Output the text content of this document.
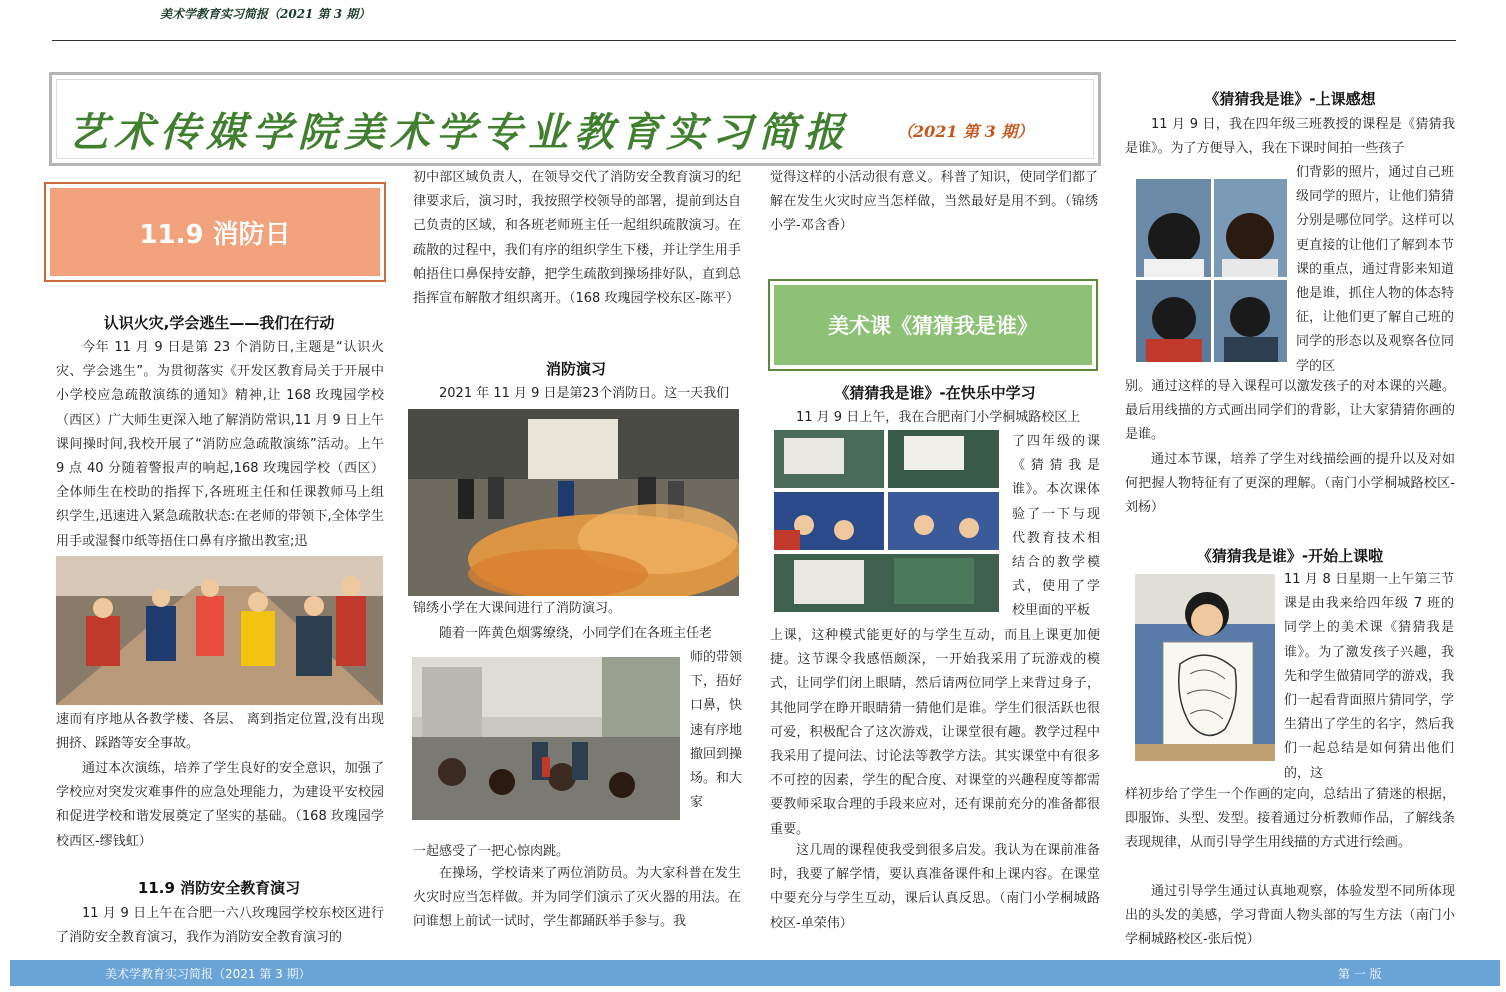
美术学教育实习简报（2021 第 3 期）
艺术传媒学院美术学专业教育实习简报	（2021 第 3 期）
11.9 消防日
认识火灾,学会逃生——我们在行动
今年 11 月 9 日是第 23 个消防日,主题是“认识火灾、学会逃生”。为贯彻落实《开发区教育局关于开展中小学校应急疏散演练的通知》精神,让 168 玫瑰园学校（西区）广大师生更深入地了解消防常识,11 月 9 日上午课间操时间,我校开展了“消防应急疏散演练”活动。上午 9 点 40 分随着警报声的响起,168 玫瑰园学校（西区）全体师生在校助的指挥下,各班班主任和任课教师马上组织学生,迅速进入紧急疏散状态:在老师的带领下,全体学生用手或湿餐巾纸等捂住口鼻有序撤出教室;迅
速而有序地从各教学楼、各层、 离到指定位置,没有出现拥挤、踩踏等安全事故。
通过本次演练，培养了学生良好的安全意识，加强了学校应对突发灾难事件的应急处理能力，为建设平安校园和促进学校和谐发展奠定了坚实的基础。（168 玫瑰园学校西区-缪钱虹）
11.9 消防安全教育演习
11 月 9 日上午在合肥一六八玫瑰园学校东校区进行了消防安全教育演习，我作为消防安全教育演习的
初中部区域负责人，在领导交代了消防安全教育演习的纪律要求后，演习时，我按照学校领导的部署，提前到达自己负责的区域，和各班老师班主任一起组织疏散演习。在疏散的过程中，我们有序的组织学生下楼，并让学生用手帕捂住口鼻保持安静，把学生疏散到操场排好队，直到总指挥宣布解散才组织离开。（168 玫瑰园学校东区-陈平）
消防演习
2021 年 11 月 9 日是第23个消防日。这一天我们
锦绣小学在大课间进行了消防演习。
随着一阵黄色烟雾缭绕，小同学们在各班主任老
师的带领下，捂好口鼻，快速有序地撤回到操场。和大家
一起感受了一把心惊肉跳。
在操场，学校请来了两位消防员。为大家科普在发生火灾时应当怎样做。并为同学们演示了灭火器的用法。在问谁想上前试一试时，学生都踊跃举手参与。我
觉得这样的小活动很有意义。科普了知识，使同学们都了解在发生火灾时应当怎样做，当然最好是用不到。（锦绣小学-邓含香）
美术课《猜猜我是谁》
《猜猜我是谁》-在快乐中学习
11 月 9 日上午，我在合肥南门小学桐城路校区上
了四年级的课《猜猜我是谁》。本次课体验了一下与现代教育技术相结合的教学模式，使用了学校里面的平板
上课，这种模式能更好的与学生互动，而且上课更加便捷。这节课令我感悟颇深，一开始我采用了玩游戏的模式，让同学们闭上眼睛，然后请两位同学上来背过身子，其他同学在睁开眼睛猜一猜他们是谁。学生们很活跃也很可爱，积极配合了这次游戏，让课堂很有趣。教学过程中我采用了提问法、讨论法等教学方法。其实课堂中有很多不可控的因素，学生的配合度、对课堂的兴趣程度等都需要教师采取合理的手段来应对，还有课前充分的准备都很重要。
这几周的课程使我受到很多启发。我认为在课前准备时，我要了解学情，要认真准备课件和上课内容。在课堂中要充分与学生互动，课后认真反思。（南门小学桐城路校区-单荣伟）
《猜猜我是谁》-上课感想
11 月 9 日，我在四年级三班教授的课程是《猜猜我是谁》。为了方便导入，我在下课时间拍一些孩子
们背影的照片，通过自己班级同学的照片，让他们猜猜分别是哪位同学。这样可以更直接的让他们了解到本节课的重点，通过背影来知道他是谁，抓住人物的体态特征，让他们更了解自己班的同学的形态以及观察各位同学的区
别。通过这样的导入课程可以激发孩子的对本课的兴趣。最后用线描的方式画出同学们的背影，让大家猜猜你画的是谁。
通过本节课，培养了学生对线描绘画的提升以及对如何把握人物特征有了更深的理解。（南门小学桐城路校区-刘杨）
《猜猜我是谁》-开始上课啦
11 月 8 日星期一上午第三节课是由我来给四年级 7 班的同学上的美术课《猜猜我是谁》。为了激发孩子兴趣，我先和学生做猜同学的游戏，我们一起看背面照片猜同学，学生猜出了学生的名字，然后我们一起总结是如何猜出他们的，这
样初步给了学生一个作画的定向，总结出了猜迷的根据，即服饰、头型、发型。接着通过分析教师作品，了解线条表现规律，从而引导学生用线描的方式进行绘画。
通过引导学生通过认真地观察，体验发型不同所体现出的头发的美感，学习背面人物头部的写生方法（南门小学桐城路校区-张后悦）
美术学教育实习简报（2021 第 3 期）	第 一 版
